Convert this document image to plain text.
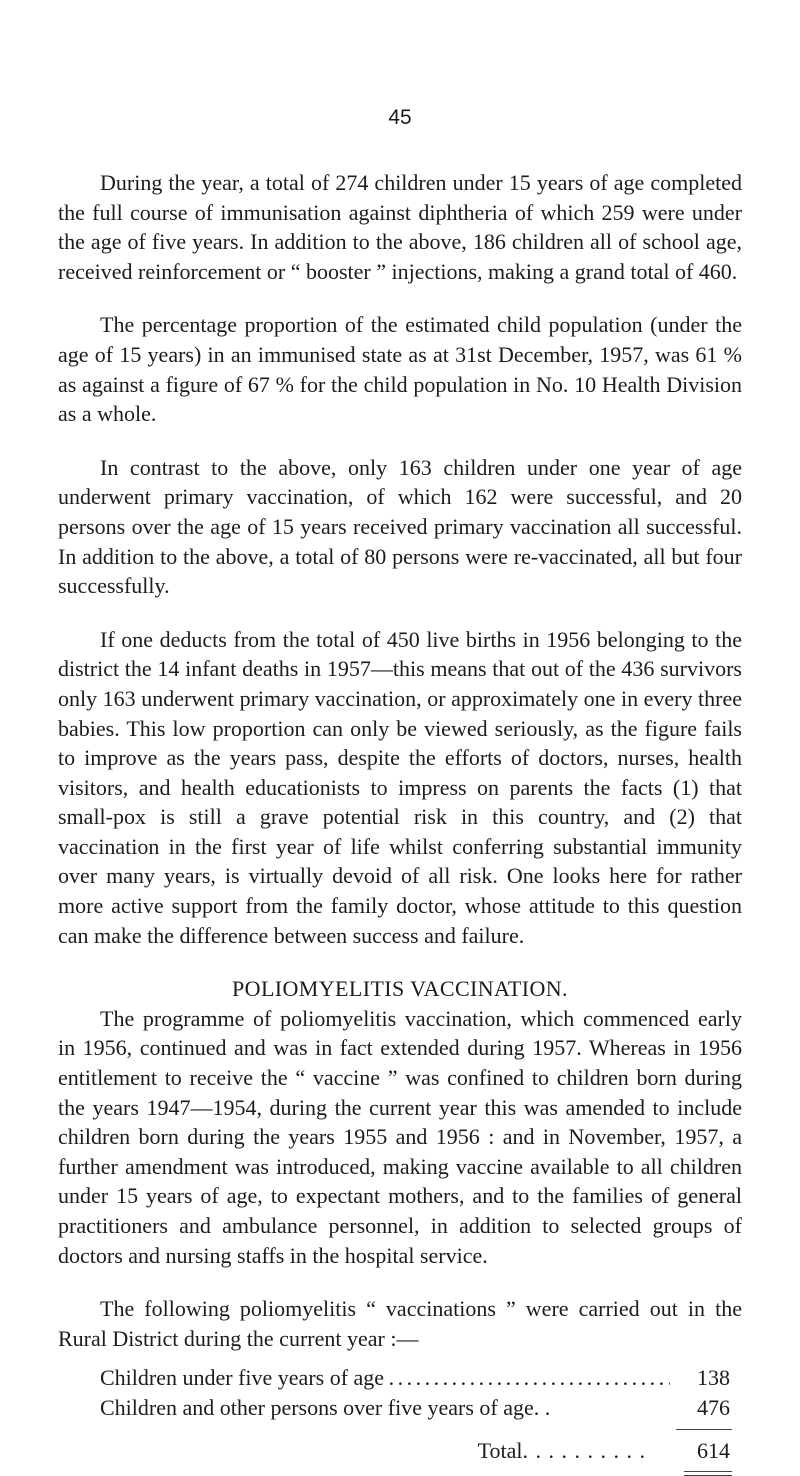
45

During the year, a total of 274 children under 15 years of age completed the full course of immunisation against diphtheria of which 259 were under the age of five years. In addition to the above, 186 children all of school age, received reinforcement or “ booster ” injections, making a grand total of 460.

The percentage proportion of the estimated child population (under the age of 15 years) in an immunised state as at 31st December, 1957, was 61 % as against a figure of 67 % for the child population in No. 10 Health Division as a whole.

In contrast to the above, only 163 children under one year of age underwent primary vaccination, of which 162 were successful, and 20 persons over the age of 15 years received primary vaccination all successful. In addition to the above, a total of 80 persons were re-vaccinated, all but four successfully.

If one deducts from the total of 450 live births in 1956 belonging to the district the 14 infant deaths in 1957—this means that out of the 436 survivors only 163 underwent primary vaccination, or approximately one in every three babies. This low proportion can only be viewed seriously, as the figure fails to improve as the years pass, despite the efforts of doctors, nurses, health visitors, and health educationists to impress on parents the facts (1) that small-pox is still a grave potential risk in this country, and (2) that vaccination in the first year of life whilst conferring substantial immunity over many years, is virtually devoid of all risk. One looks here for rather more active support from the family doctor, whose attitude to this question can make the difference between success and failure.

POLIOMYELITIS VACCINATION.

The programme of poliomyelitis vaccination, which commenced early in 1956, continued and was in fact extended during 1957. Whereas in 1956 entitlement to receive the “ vaccine ” was confined to children born during the years 1947—1954, during the current year this was amended to include children born during the years 1955 and 1956 : and in November, 1957, a further amendment was introduced, making vaccine available to all children under 15 years of age, to expectant mothers, and to the families of general practitioners and ambulance personnel, in addition to selected groups of doctors and nursing staffs in the hospital service.

The following poliomyelitis “ vaccinations ” were carried out in the Rural District during the current year :—

Children under five years of age . . .	138
Children and other persons over five years of age. .	476
Total . . . . . . . . . .	614
